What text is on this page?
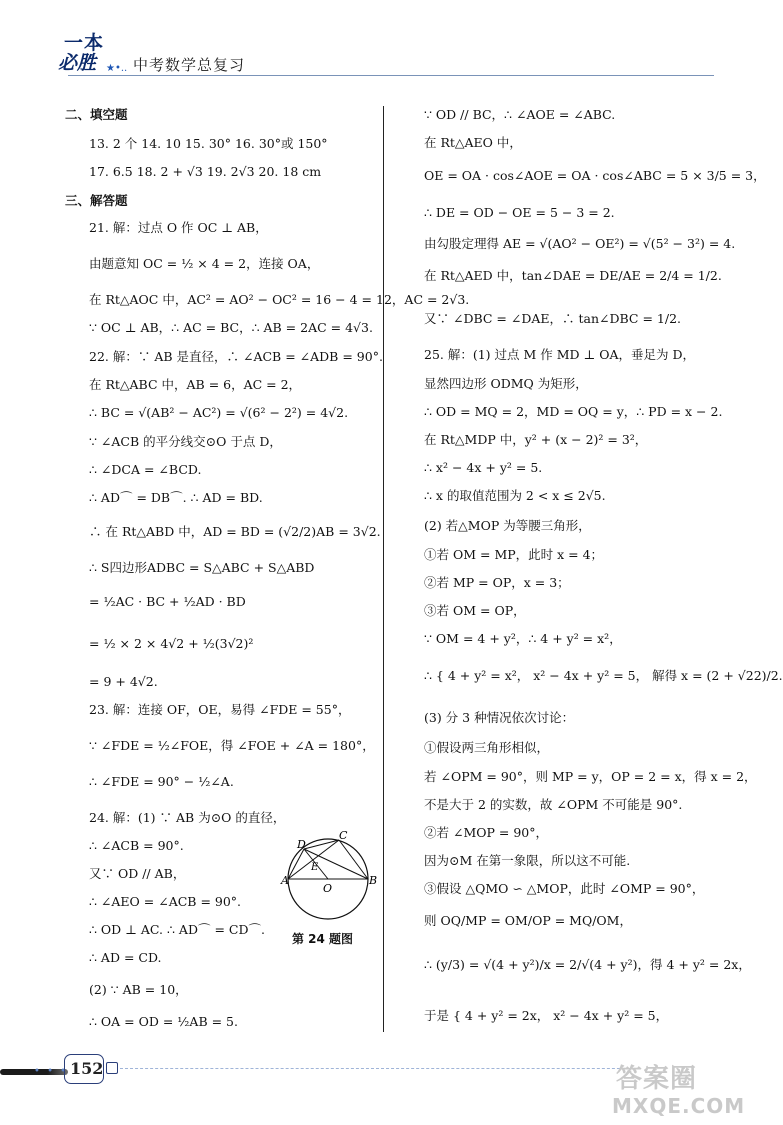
一本
必胜 ★•.. 中考数学总复习
二、填空题
13. 2 个 14. 10 15. 30° 16. 30°或 150°
17. 6.5 18. 2 + √3 19. 2√3 20. 18 cm
三、解答题
21. 解：过点 O 作 OC ⊥ AB，
由题意知 OC = ½ × 4 = 2，连接 OA，
在 Rt△AOC 中，AC² = AO² − OC² = 16 − 4 = 12，AC = 2√3.
∵ OC ⊥ AB，∴ AC = BC，∴ AB = 2AC = 4√3.
22. 解：∵ AB 是直径，∴ ∠ACB = ∠ADB = 90°.
在 Rt△ABC 中，AB = 6，AC = 2，
∴ BC = √(AB² − AC²) = √(6² − 2²) = 4√2.
∵ ∠ACB 的平分线交⊙O 于点 D，
∴ ∠DCA = ∠BCD.
∴ AD⌒ = DB⌒. ∴ AD = BD.
∴ 在 Rt△ABD 中，AD = BD = (√2/2)AB = 3√2.
∴ S四边形ADBC = S△ABC + S△ABD
= ½AC · BC + ½AD · BD
= ½ × 2 × 4√2 + ½(3√2)²
= 9 + 4√2.
23. 解：连接 OF，OE，易得 ∠FDE = 55°，
∵ ∠FDE = ½∠FOE，得 ∠FOE + ∠A = 180°，
∴ ∠FDE = 90° − ½∠A.
24. 解：(1) ∵ AB 为⊙O 的直径，
∴ ∠ACB = 90°.
又∵ OD // AB，
∴ ∠AEO = ∠ACB = 90°.
∴ OD ⊥ AC. ∴ AD⌒ = CD⌒.
∴ AD = CD.
(2) ∵ AB = 10，
∴ OA = OD = ½AB = 5.
D
C
A	B
E
O
第 24 题图
∵ OD // BC，∴ ∠AOE = ∠ABC.
在 Rt△AEO 中，
OE = OA · cos∠AOE = OA · cos∠ABC = 5 × 3/5 = 3，
∴ DE = OD − OE = 5 − 3 = 2.
由勾股定理得 AE = √(AO² − OE²) = √(5² − 3²) = 4.
在 Rt△AED 中，tan∠DAE = DE/AE = 2/4 = 1/2.
又∵ ∠DBC = ∠DAE，∴ tan∠DBC = 1/2.
25. 解：(1) 过点 M 作 MD ⊥ OA，垂足为 D，
显然四边形 ODMQ 为矩形，
∴ OD = MQ = 2，MD = OQ = y，∴ PD = x − 2.
在 Rt△MDP 中，y² + (x − 2)² = 3²，
∴ x² − 4x + y² = 5.
∴ x 的取值范围为 2 < x ≤ 2√5.
(2) 若△MOP 为等腰三角形，
①若 OM = MP，此时 x = 4；
②若 MP = OP，x = 3；
③若 OM = OP，
∵ OM = 4 + y²，∴ 4 + y² = x²，
∴ { 4 + y² = x²， x² − 4x + y² = 5， 解得 x = (2 + √22)/2.
(3) 分 3 种情况依次讨论：
①假设两三角形相似，
若 ∠OPM = 90°，则 MP = y，OP = 2 = x，得 x = 2，
不是大于 2 的实数，故 ∠OPM 不可能是 90°.
②若 ∠MOP = 90°，
因为⊙M 在第一象限，所以这不可能.
③假设 △QMO ∽ △MOP，此时 ∠OMP = 90°，
则 OQ/MP = OM/OP = MQ/OM，
∴ (y/3) = √(4 + y²)/x = 2/√(4 + y²)，得 4 + y² = 2x，
于是 { 4 + y² = 2x， x² − 4x + y² = 5，
• • • 152	答案圈
MXQE.COM
